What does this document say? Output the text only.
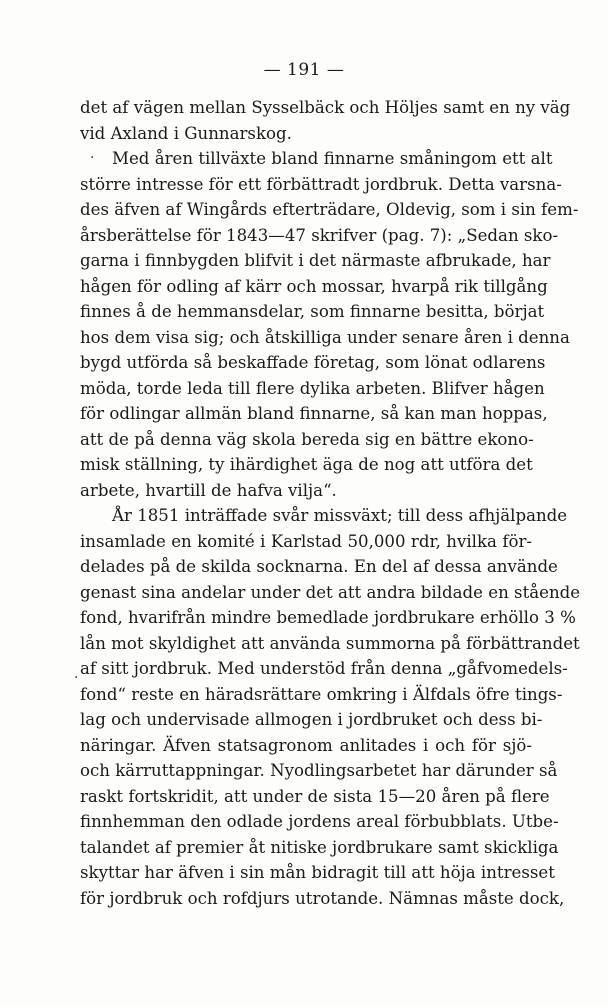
— 191 —
·
·
det af vägen mellan Sysselbäck och Höljes samt en ny väg
vid Axland i Gunnarskog.
Med åren tillväxte bland finnarne småningom ett alt
större intresse för ett förbättradt jordbruk. Detta varsna-
des äfven af Wingårds efterträdare, Oldevig, som i sin fem-
årsberättelse för 1843—47 skrifver (pag. 7): „Sedan sko-
garna i finnbygden blifvit i det närmaste afbrukade, har
hågen för odling af kärr och mossar, hvarpå rik tillgång
finnes å de hemmansdelar, som finnarne besitta, börjat
hos dem visa sig; och åtskilliga under senare åren i denna
bygd utförda så beskaffade företag, som lönat odlarens
möda, torde leda till flere dylika arbeten. Blifver hågen
för odlingar allmän bland finnarne, så kan man hoppas,
att de på denna väg skola bereda sig en bättre ekono-
misk ställning, ty ihärdighet äga de nog att utföra det
arbete, hvartill de hafva vilja“.
År 1851 inträffade svår missväxt; till dess afhjälpande
insamlade en komité i Karlstad 50,000 rdr, hvilka för-
delades på de skilda socknarna. En del af dessa använde
genast sina andelar under det att andra bildade en stående
fond, hvarifrån mindre bemedlade jordbrukare erhöllo 3 %
lån mot skyldighet att använda summorna på förbättrandet
af sitt jordbruk. Med understöd från denna „gåfvomedels-
fond“ reste en häradsrättare omkring i Älfdals öfre tings-
lag och undervisade allmogen i jordbruket och dess bi-
näringar. Äfven statsagronom anlitades i och för sjö-
och kärruttappningar. Nyodlingsarbetet har därunder så
raskt fortskridit, att under de sista 15—20 åren på flere
finnhemman den odlade jordens areal förbubblats. Utbe-
talandet af premier åt nitiske jordbrukare samt skickliga
skyttar har äfven i sin mån bidragit till att höja intresset
för jordbruk och rofdjurs utrotande. Nämnas måste dock,
